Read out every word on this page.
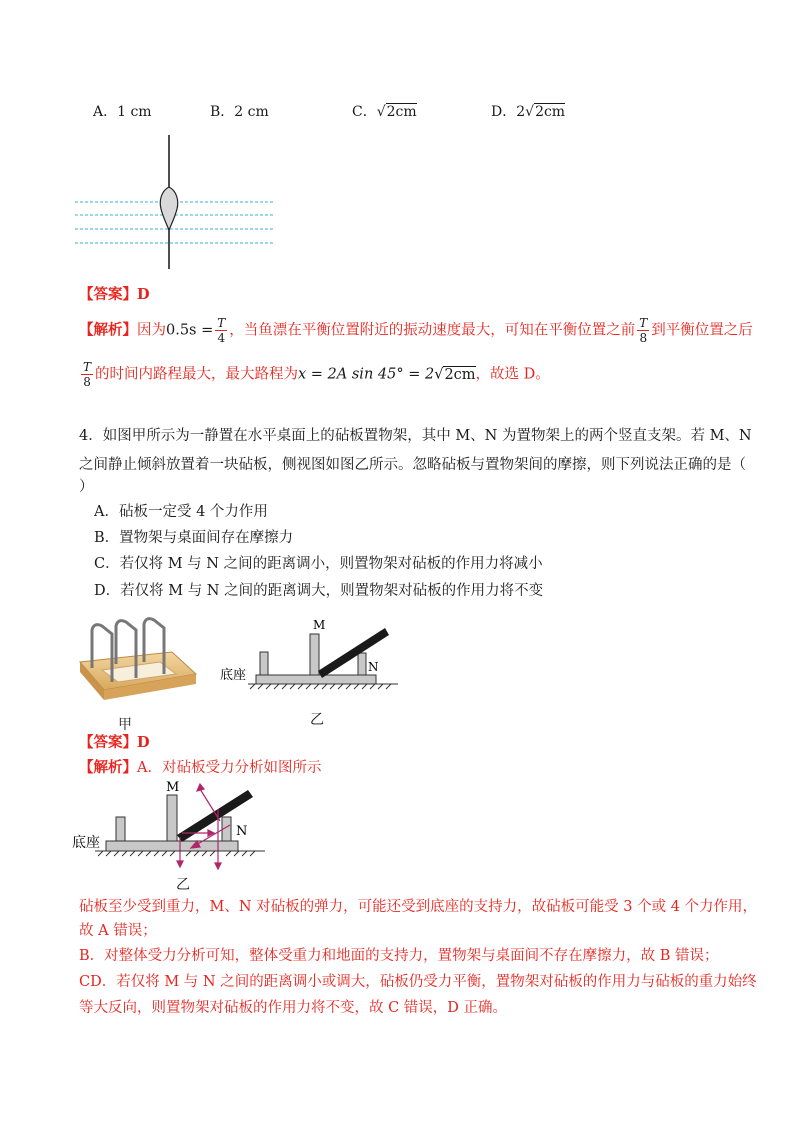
A．1 cm	B．2 cm	C．√2cm	D．2√2cm
【答案】D
【解析】因为$0.5s = \frac{T}{4}$ ，当鱼漂在平衡位置附近的振动速度最大，可知在平衡位置之前 $\frac{T}{8}$ 到平衡位置之后
$\frac{T}{8}$ 的时间内路程最大，最大路程为x = 2A sin 45° = 2√2cm，故选 D。
4．如图甲所示为一静置在水平桌面上的砧板置物架，其中 M、N 为置物架上的两个竖直支架。若 M、N
之间静止倾斜放置着一块砧板，侧视图如图乙所示。忽略砧板与置物架间的摩擦，则下列说法正确的是（
）
A．砧板一定受 4 个力作用
B．置物架与桌面间存在摩擦力
C．若仅将 M 与 N 之间的距离调小，则置物架对砧板的作用力将减小
D．若仅将 M 与 N 之间的距离调大，则置物架对砧板的作用力将不变
甲
M
N
底座
乙
【答案】D
【解析】A．对砧板受力分析如图所示
M
N
底座
乙
砧板至少受到重力，M、N 对砧板的弹力，可能还受到底座的支持力，故砧板可能受 3 个或 4 个力作用，
故 A 错误；
B．对整体受力分析可知，整体受重力和地面的支持力，置物架与桌面间不存在摩擦力，故 B 错误；
CD．若仅将 M 与 N 之间的距离调小或调大，砧板仍受力平衡，置物架对砧板的作用力与砧板的重力始终
等大反向，则置物架对砧板的作用力将不变，故 C 错误，D 正确。
